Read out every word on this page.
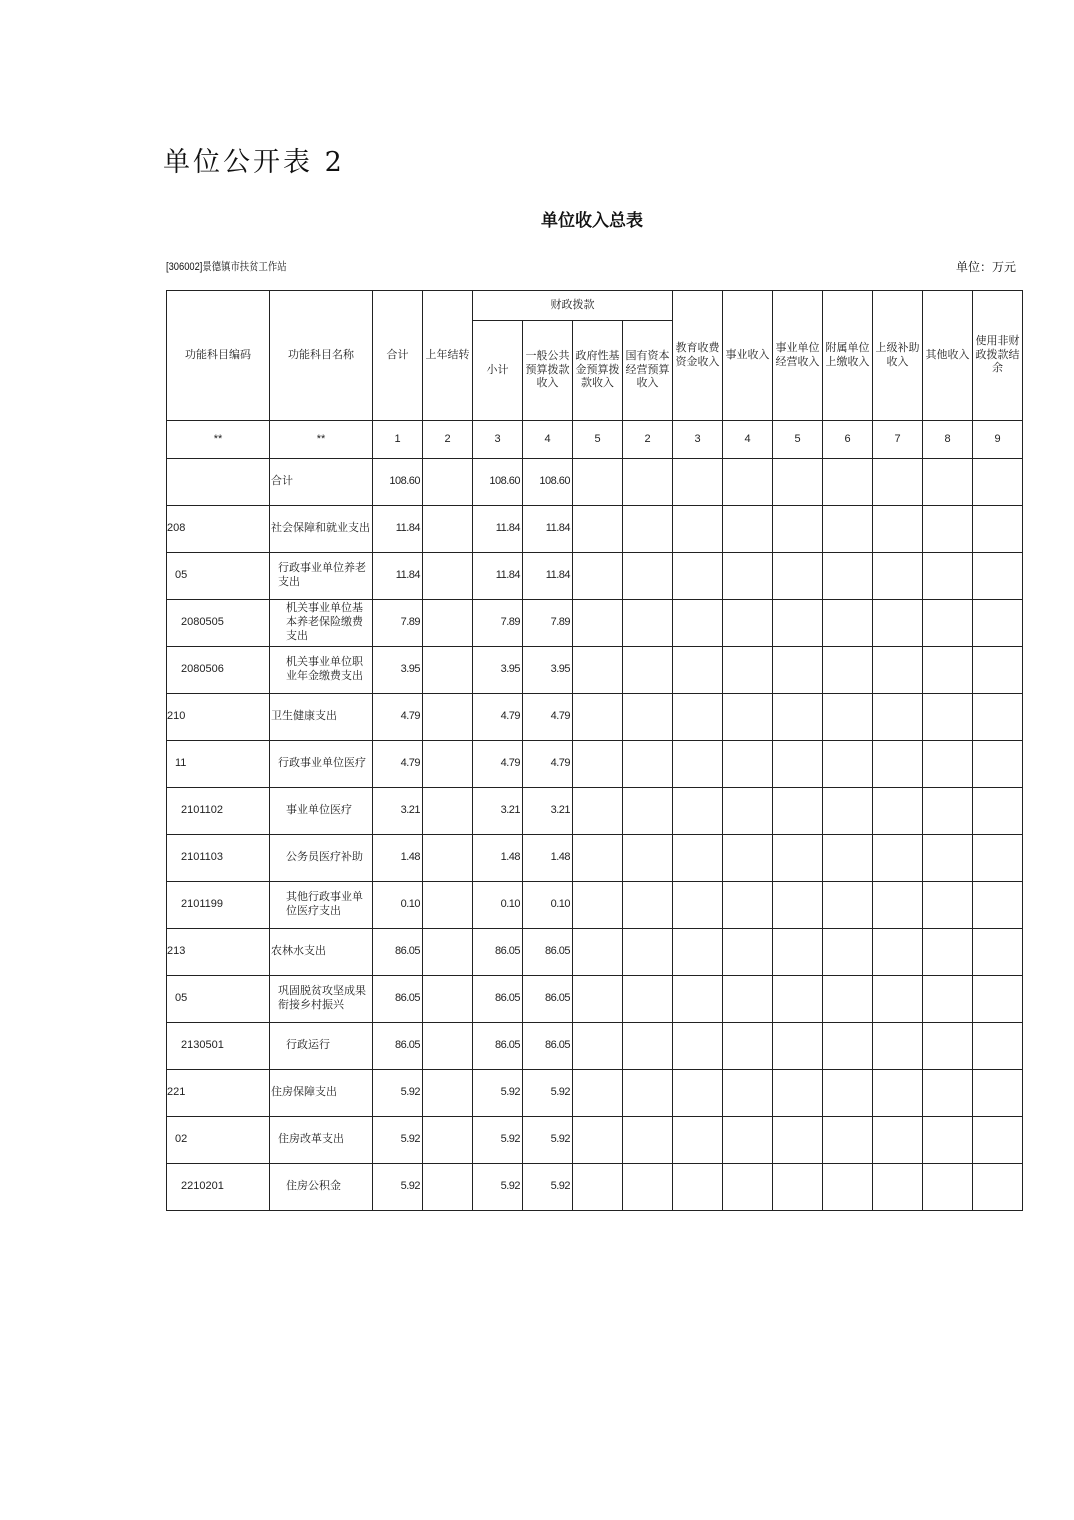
单位公开表 2
单位收入总表
[306002]景德镇市扶贫工作站	单位：万元
功能科目编码	功能科目名称	合计	上年结转	财政拨款				教育收费资金收入	事业收入	事业单位经营收入	附属单位上缴收入	上级补助收入	其他收入	使用非财政拨款结余
				小计	一般公共预算拨款收入	政府性基金预算拨款收入	国有资本经营预算收入							
**	**	1	2	3	4	5	2	3	4	5	6	7	8	9
	合计	108.60		108.60	108.60									
208	社会保障和就业支出	11.84		11.84	11.84									
05	行政事业单位养老支出	11.84		11.84	11.84									
2080505	机关事业单位基本养老保险缴费支出	7.89		7.89	7.89									
2080506	机关事业单位职业年金缴费支出	3.95		3.95	3.95									
210	卫生健康支出	4.79		4.79	4.79									
11	行政事业单位医疗	4.79		4.79	4.79									
2101102	事业单位医疗	3.21		3.21	3.21									
2101103	公务员医疗补助	1.48		1.48	1.48									
2101199	其他行政事业单位医疗支出	0.10		0.10	0.10									
213	农林水支出	86.05		86.05	86.05									
05	巩固脱贫攻坚成果衔接乡村振兴	86.05		86.05	86.05									
2130501	行政运行	86.05		86.05	86.05									
221	住房保障支出	5.92		5.92	5.92									
02	住房改革支出	5.92		5.92	5.92									
2210201	住房公积金	5.92		5.92	5.92									
